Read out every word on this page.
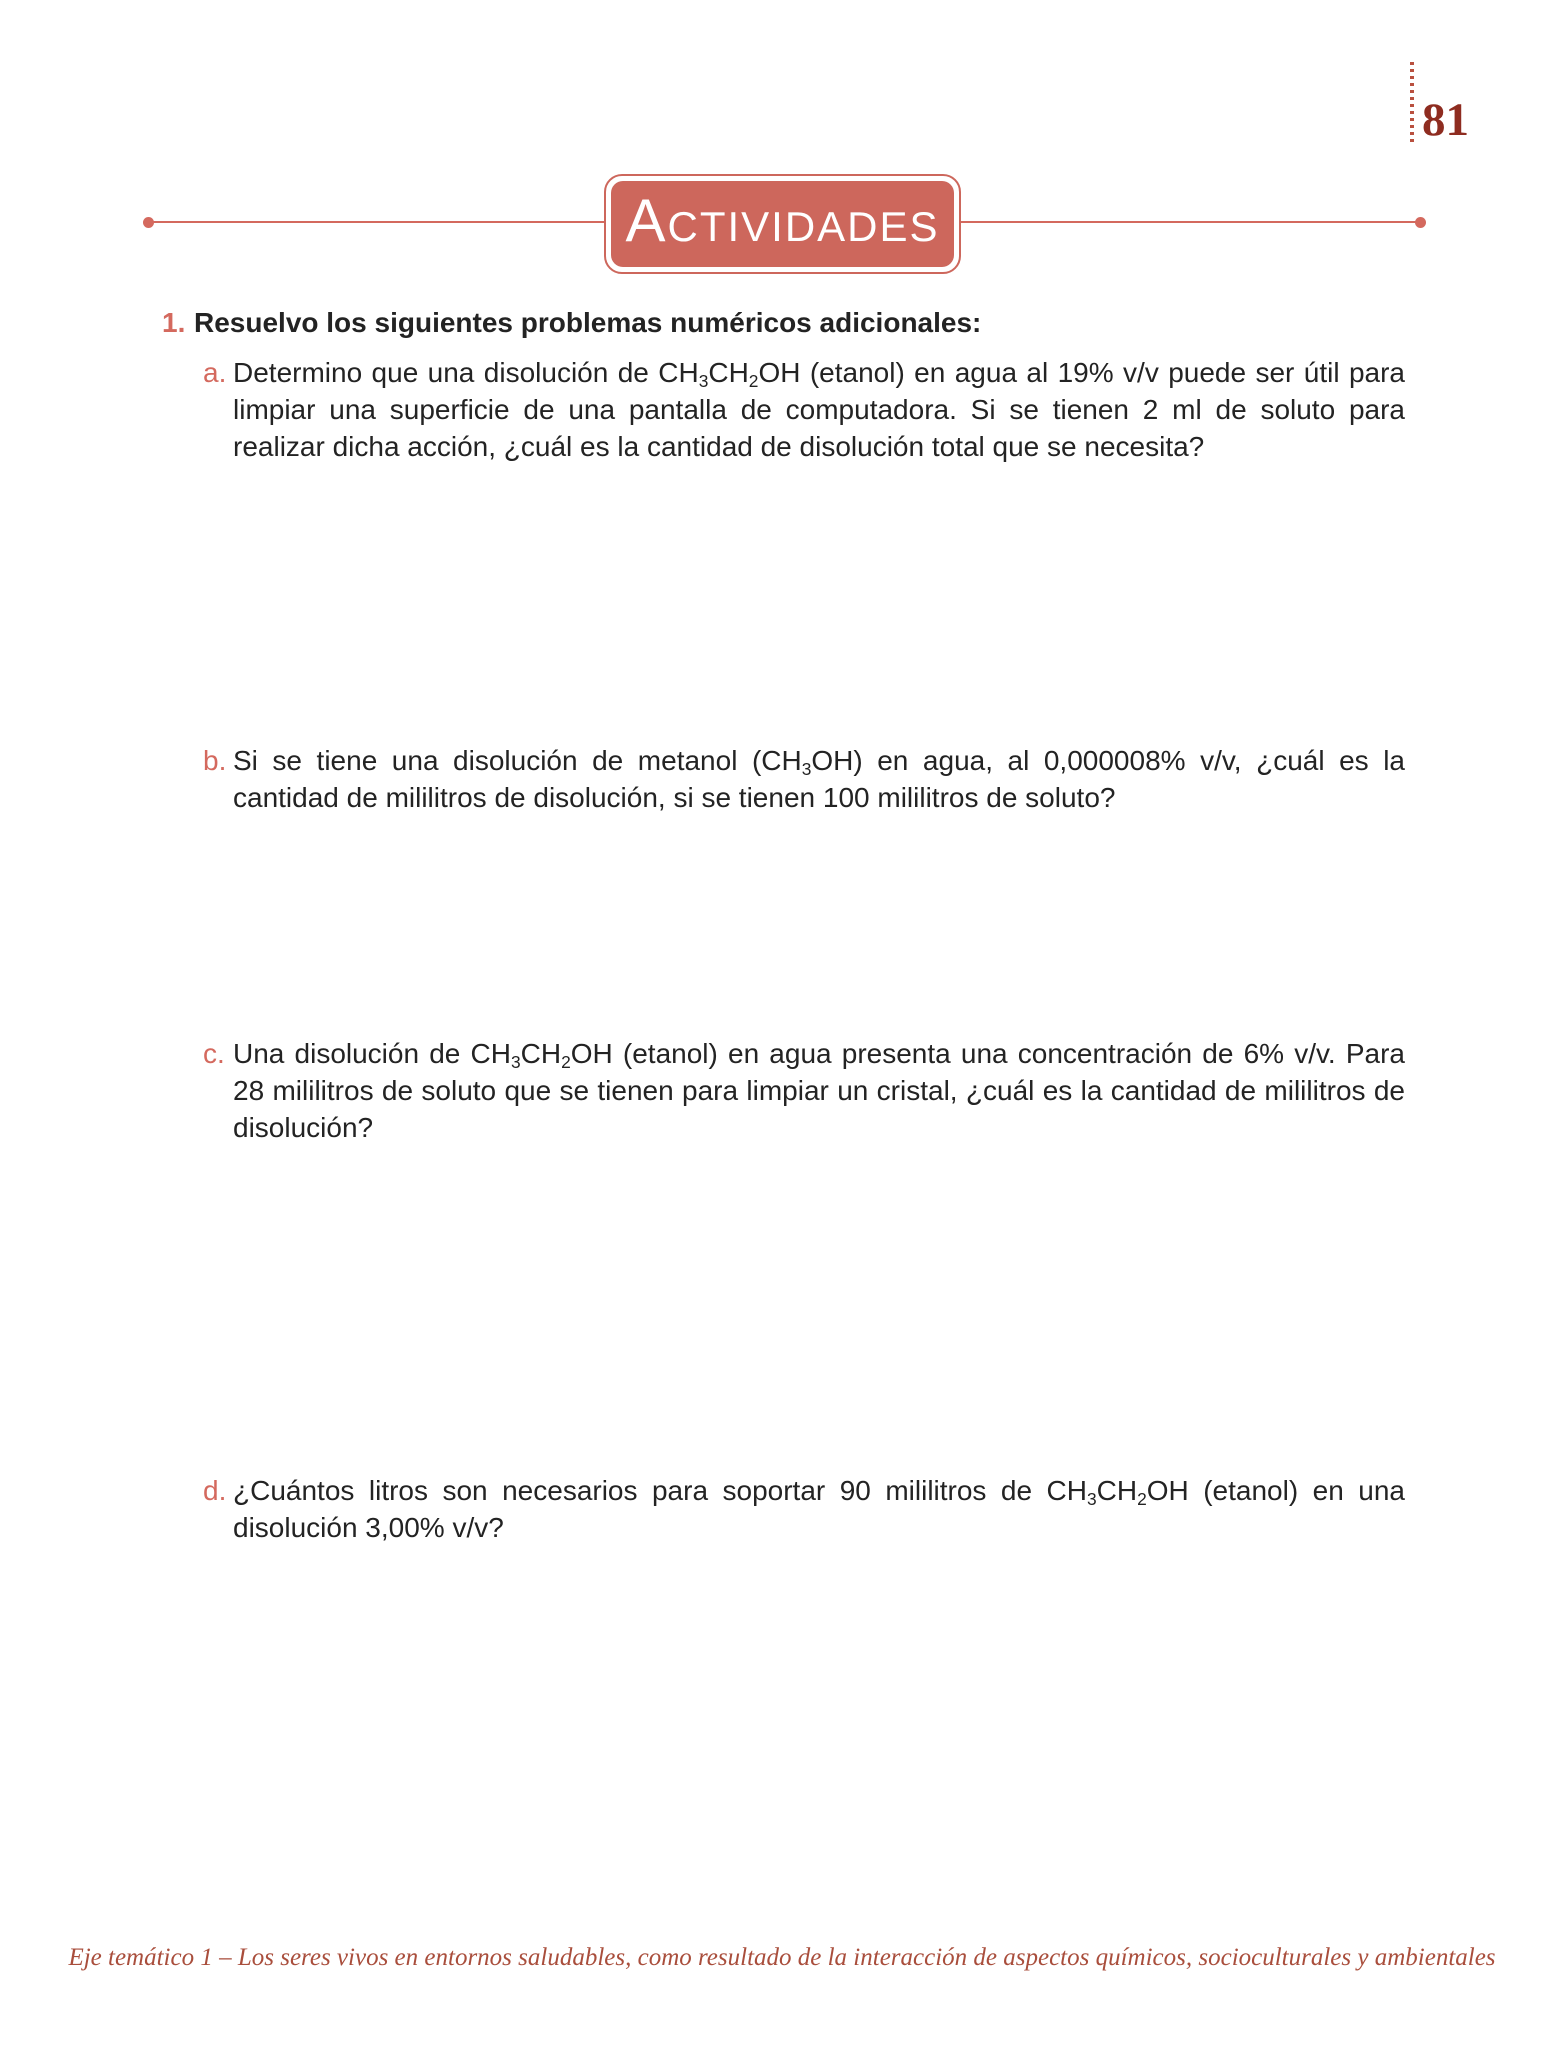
81
Actividades
1. Resuelvo los siguientes problemas numéricos adicionales:
a. Determino que una disolución de $CH_3CH_2OH$ (etanol) en agua al 19% v/v puede ser útil para limpiar una superficie de una pantalla de computadora. Si se tienen 2 ml de soluto para realizar dicha acción, ¿cuál es la cantidad de disolución total que se necesita?
b. Si se tiene una disolución de metanol $(CH_3OH)$ en agua, al 0,000008% v/v, ¿cuál es la cantidad de mililitros de disolución, si se tienen 100 mililitros de soluto?
c. Una disolución de $CH_3CH_2OH$ (etanol) en agua presenta una concentración de 6% v/v. Para 28 mililitros de soluto que se tienen para limpiar un cristal, ¿cuál es la cantidad de mililitros de disolución?
d. ¿Cuántos litros son necesarios para soportar 90 mililitros de $CH_3CH_2OH$ (etanol) en una disolución 3,00% v/v?
Eje temático 1 – Los seres vivos en entornos saludables, como resultado de la interacción de aspectos químicos, socioculturales y ambientales
